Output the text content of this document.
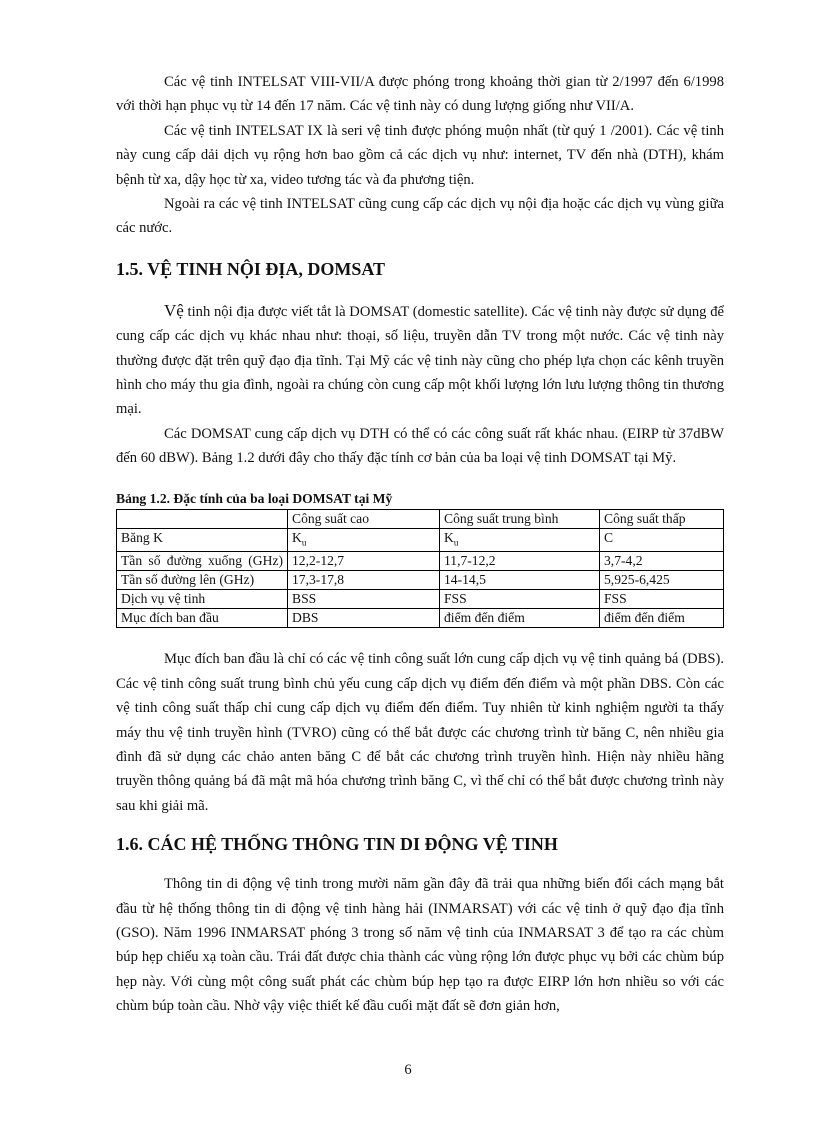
Các vệ tinh INTELSAT VIII-VII/A được phóng trong khoảng thời gian từ 2/1997 đến 6/1998 với thời hạn phục vụ từ 14 đến 17 năm. Các vệ tinh này có dung lượng giống như VII/A.

Các vệ tinh INTELSAT IX là seri vệ tinh được phóng muộn nhất (từ quý 1 /2001). Các vệ tinh này cung cấp dải dịch vụ rộng hơn bao gồm cả các dịch vụ như: internet, TV đến nhà (DTH), khám bệnh từ xa, dậy học từ xa, video tương tác và đa phương tiện.

Ngoài ra các vệ tinh INTELSAT cũng cung cấp các dịch vụ nội địa hoặc các dịch vụ vùng giữa các nước.

1.5. VỆ TINH NỘI ĐỊA, DOMSAT

Vệ tinh nội địa được viết tắt là DOMSAT (domestic satellite). Các vệ tinh này được sử dụng để cung cấp các dịch vụ khác nhau như: thoại, số liệu, truyền dẫn TV trong một nước. Các vệ tinh này thường được đặt trên quỹ đạo địa tĩnh. Tại Mỹ các vệ tinh này cũng cho phép lựa chọn các kênh truyền hình cho máy thu gia đình, ngoài ra chúng còn cung cấp một khối lượng lớn lưu lượng thông tin thương mại.

Các DOMSAT cung cấp dịch vụ DTH có thể có các công suất rất khác nhau. (EIRP từ 37dBW đến 60 dBW). Bảng 1.2 dưới đây cho thấy đặc tính cơ bản của ba loại vệ tinh DOMSAT tại Mỹ.

Bảng 1.2. Đặc tính của ba loại DOMSAT tại Mỹ
	Công suất cao	Công suất trung bình	Công suất thấp
Băng K	$K_u$	$K_u$	C
Tần số đường xuống (GHz)	12,2-12,7	11,7-12,2	3,7-4,2
Tần số đường lên (GHz)	17,3-17,8	14-14,5	5,925-6,425
Dịch vụ vệ tinh	BSS	FSS	FSS
Mục đích ban đầu	DBS	điểm đến điểm	điểm đến điểm

Mục đích ban đầu là chỉ có các vệ tinh công suất lớn cung cấp dịch vụ vệ tinh quảng bá (DBS). Các vệ tinh công suất trung bình chủ yếu cung cấp dịch vụ điểm đến điểm và một phần DBS. Còn các vệ tinh công suất thấp chỉ cung cấp dịch vụ điểm đến điểm. Tuy nhiên từ kinh nghiệm người ta thấy máy thu vệ tinh truyền hình (TVRO) cũng có thể bắt được các chương trình từ băng C, nên nhiều gia đình đã sử dụng các chảo anten băng C để bắt các chương trình truyền hình. Hiện này nhiều hãng truyền thông quảng bá đã mật mã hóa chương trình băng C, vì thế chỉ có thể bắt được chương trình này sau khi giải mã.

1.6. CÁC HỆ THỐNG THÔNG TIN DI ĐỘNG VỆ TINH

Thông tin di động vệ tinh trong mười năm gần đây đã trải qua những biến đổi cách mạng bắt đầu từ hệ thống thông tin di động vệ tinh hàng hải (INMARSAT) với các vệ tinh ở quỹ đạo địa tĩnh (GSO). Năm 1996 INMARSAT phóng 3 trong số năm vệ tinh của INMARSAT 3 để tạo ra các chùm búp hẹp chiếu xạ toàn cầu. Trái đất được chia thành các vùng rộng lớn được phục vụ bởi các chùm búp hẹp này. Với cùng một công suất phát các chùm búp hẹp tạo ra được EIRP lớn hơn nhiều so với các chùm búp toàn cầu. Nhờ vậy việc thiết kế đầu cuối mặt đất sẽ đơn giản hơn,

6
